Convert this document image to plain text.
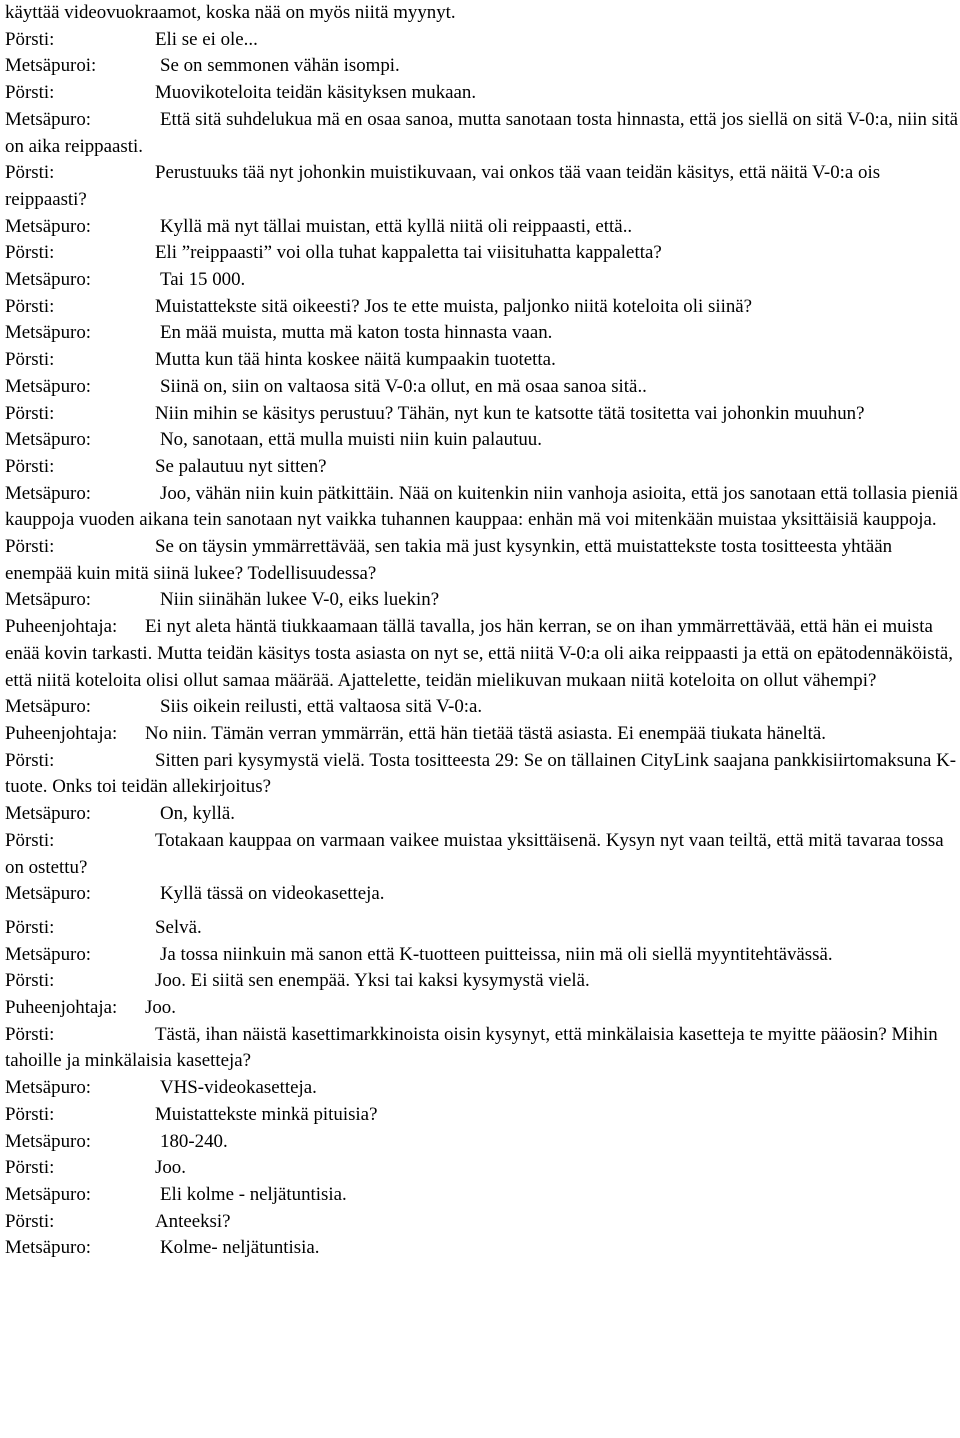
käyttää videovuokraamot, koska nää on myös niitä myynyt.

Pörsti:	Eli se ei ole...

Metsäpuroi:	Se on semmonen vähän isompi.

Pörsti:	Muovikoteloita teidän käsityksen mukaan.

Metsäpuro:	Että sitä suhdelukua mä en osaa sanoa, mutta sanotaan tosta hinnasta, että jos siellä on sitä V-0:a, niin sitä on aika reippaasti.

Pörsti:	Perustuuks tää nyt johonkin muistikuvaan, vai onkos tää vaan teidän käsitys, että näitä V-0:a ois reippaasti?

Metsäpuro:	Kyllä mä nyt tällai muistan, että kyllä niitä oli reippaasti, että..

Pörsti:	Eli ”reippaasti” voi olla tuhat kappaletta tai viisituhatta kappaletta?

Metsäpuro:	Tai 15 000.

Pörsti:	Muistattekste sitä oikeesti? Jos te ette muista, paljonko niitä koteloita oli siinä?

Metsäpuro:	En mää muista, mutta mä katon tosta hinnasta vaan.

Pörsti:	Mutta kun tää hinta koskee näitä kumpaakin tuotetta.

Metsäpuro:	Siinä on, siin on valtaosa sitä V-0:a ollut, en mä osaa sanoa sitä..

Pörsti:	Niin mihin se käsitys perustuu? Tähän, nyt kun te katsotte tätä tositetta vai johonkin muuhun?

Metsäpuro:	No, sanotaan, että mulla muisti niin kuin palautuu.

Pörsti:	Se palautuu nyt sitten?

Metsäpuro:	Joo, vähän niin kuin pätkittäin. Nää on kuitenkin niin vanhoja asioita, että jos sanotaan että tollasia pieniä kauppoja vuoden aikana tein sanotaan nyt vaikka tuhannen kauppaa: enhän mä voi mitenkään muistaa yksittäisiä kauppoja.

Pörsti:	Se on täysin ymmärrettävää, sen takia mä just kysynkin, että muistattekste tosta tositteesta yhtään enempää kuin mitä siinä lukee? Todellisuudessa?

Metsäpuro:	Niin siinähän lukee V-0, eiks luekin?

Puheenjohtaja: Ei nyt aleta häntä tiukkaamaan tällä tavalla, jos hän kerran, se on ihan ymmärrettävää, että hän ei muista enää kovin tarkasti. Mutta teidän käsitys tosta asiasta on nyt se, että niitä V-0:a oli aika reippaasti ja että on epätodennäköistä, että niitä koteloita olisi ollut samaa määrää. Ajattelette, teidän mielikuvan mukaan niitä koteloita on ollut vähempi?

Metsäpuro:	Siis oikein reilusti, että valtaosa sitä V-0:a.

Puheenjohtaja: No niin. Tämän verran ymmärrän, että hän tietää tästä asiasta. Ei enempää tiukata häneltä.

Pörsti:	Sitten pari kysymystä vielä. Tosta tositteesta 29: Se on tällainen CityLink saajana pankkisiirtomaksuna K-tuote. Onks toi teidän allekirjoitus?

Metsäpuro:	On, kyllä.

Pörsti:	Totakaan kauppaa on varmaan vaikee muistaa yksittäisenä. Kysyn nyt vaan teiltä, että mitä tavaraa tossa on ostettu?

Metsäpuro:	Kyllä tässä on videokasetteja.

Pörsti:	Selvä.

Metsäpuro:	Ja tossa niinkuin mä sanon että K-tuotteen puitteissa, niin mä oli siellä myyntitehtävässä.

Pörsti:	Joo. Ei siitä sen enempää. Yksi tai kaksi kysymystä vielä.

Puheenjohtaja: Joo.

Pörsti:	Tästä, ihan näistä kasettimarkkinoista oisin kysynyt, että minkälaisia kasetteja te myitte pääosin? Mihin tahoille ja minkälaisia kasetteja?

Metsäpuro:	VHS-videokasetteja.

Pörsti:	Muistattekste minkä pituisia?

Metsäpuro:	180-240.

Pörsti:	Joo.

Metsäpuro:	Eli kolme - neljätuntisia.

Pörsti:	Anteeksi?

Metsäpuro:	Kolme- neljätuntisia.
